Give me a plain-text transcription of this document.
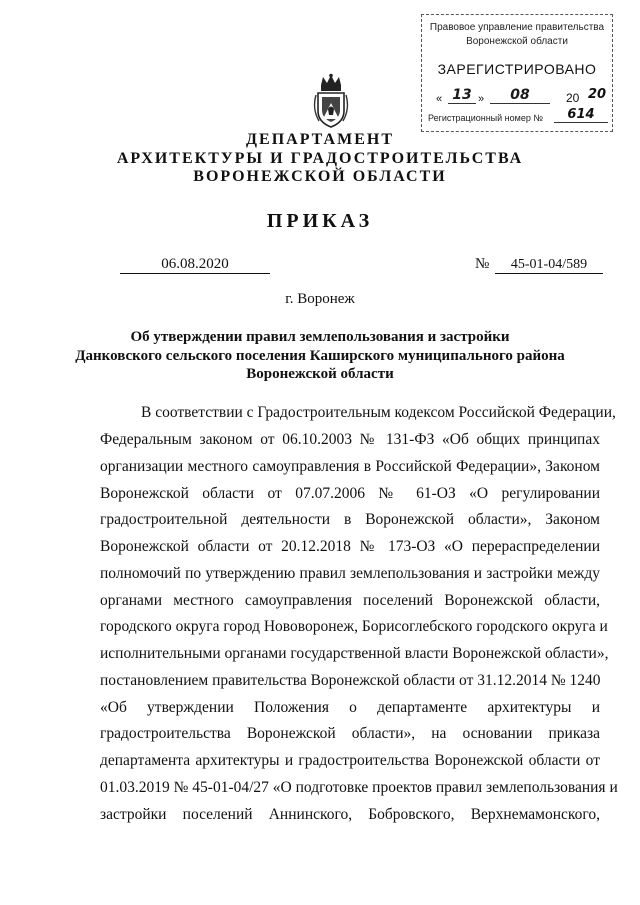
Правовое управление правительства
Воронежской области
ЗАРЕГИСТРИРОВАНО
« 13 »	08	20 20
Регистрационный номер №	614
ДЕПАРТАМЕНТ
АРХИТЕКТУРЫ И ГРАДОСТРОИТЕЛЬСТВА
ВОРОНЕЖСКОЙ ОБЛАСТИ
ПРИКАЗ
06.08.2020	№	45-01-04/589
г. Воронеж
Об утверждении правил землепользования и застройки
Данковского сельского поселения Каширского муниципального района
Воронежской области
В соответствии с Градостроительным кодексом Российской Федерации,
Федеральным законом от 06.10.2003 № 131-ФЗ «Об общих принципах
организации местного самоуправления в Российской Федерации», Законом
Воронежской области от 07.07.2006 № 61-ОЗ «О регулировании
градостроительной деятельности в Воронежской области», Законом
Воронежской области от 20.12.2018 № 173-ОЗ «О перераспределении
полномочий по утверждению правил землепользования и застройки между
органами местного самоуправления поселений Воронежской области,
городского округа город Нововоронеж, Борисоглебского городского округа и
исполнительными органами государственной власти Воронежской области»,
постановлением правительства Воронежской области от 31.12.2014 № 1240
«Об утверждении Положения о департаменте архитектуры и
градостроительства Воронежской области», на основании приказа
департамента архитектуры и градостроительства Воронежской области от
01.03.2019 № 45-01-04/27 «О подготовке проектов правил землепользования и
застройки поселений Аннинского, Бобровского, Верхнемамонского,
